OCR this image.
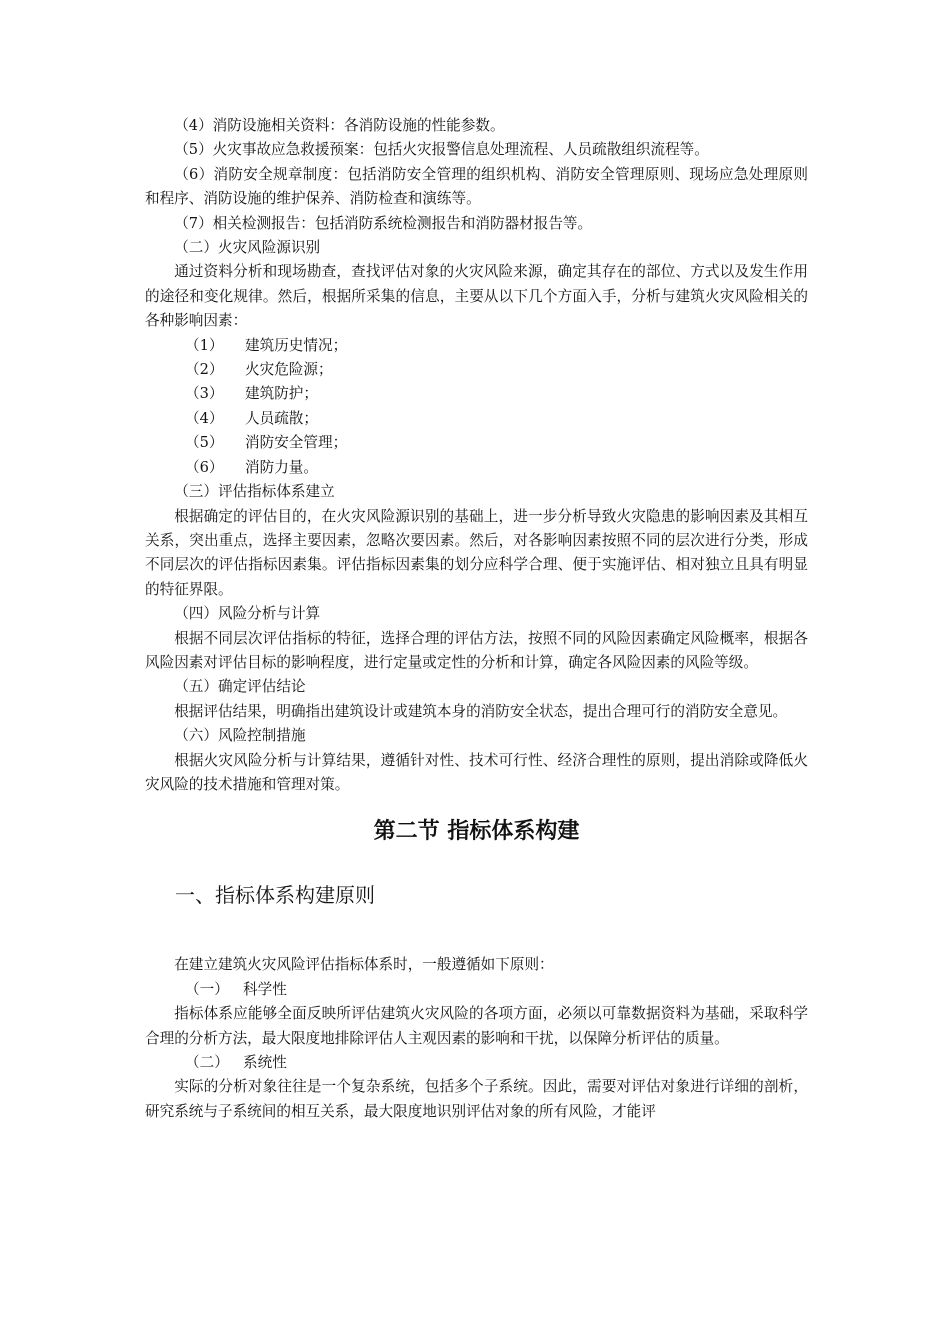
（4）消防设施相关资料：各消防设施的性能参数。

（5）火灾事故应急救援预案：包括火灾报警信息处理流程、人员疏散组织流程等。

（6）消防安全规章制度：包括消防安全管理的组织机构、消防安全管理原则、现场应急处理原则和程序、消防设施的维护保养、消防检查和演练等。

（7）相关检测报告：包括消防系统检测报告和消防器材报告等。

（二）火灾风险源识别

通过资料分析和现场勘查，查找评估对象的火灾风险来源，确定其存在的部位、方式以及发生作用的途径和变化规律。然后，根据所采集的信息，主要从以下几个方面入手，分析与建筑火灾风险相关的各种影响因素：

（1） 建筑历史情况；

（2） 火灾危险源；

（3） 建筑防护；

（4） 人员疏散；

（5） 消防安全管理；

（6） 消防力量。

（三）评估指标体系建立

根据确定的评估目的，在火灾风险源识别的基础上，进一步分析导致火灾隐患的影响因素及其相互关系，突出重点，选择主要因素，忽略次要因素。然后，对各影响因素按照不同的层次进行分类，形成不同层次的评估指标因素集。评估指标因素集的划分应科学合理、便于实施评估、相对独立且具有明显的特征界限。

（四）风险分析与计算

根据不同层次评估指标的特征，选择合理的评估方法，按照不同的风险因素确定风险概率，根据各风险因素对评估目标的影响程度，进行定量或定性的分析和计算，确定各风险因素的风险等级。

（五）确定评估结论

根据评估结果，明确指出建筑设计或建筑本身的消防安全状态，提出合理可行的消防安全意见。

（六）风险控制措施

根据火灾风险分析与计算结果，遵循针对性、技术可行性、经济合理性的原则，提出消除或降低火灾风险的技术措施和管理对策。

第二节 指标体系构建

一、指标体系构建原则

在建立建筑火灾风险评估指标体系时，一般遵循如下原则：

（一） 科学性

指标体系应能够全面反映所评估建筑火灾风险的各项方面，必须以可靠数据资料为基础，采取科学合理的分析方法，最大限度地排除评估人主观因素的影响和干扰，以保障分析评估的质量。

（二） 系统性

实际的分析对象往往是一个复杂系统，包括多个子系统。因此，需要对评估对象进行详细的剖析，研究系统与子系统间的相互关系，最大限度地识别评估对象的所有风险，才能评
